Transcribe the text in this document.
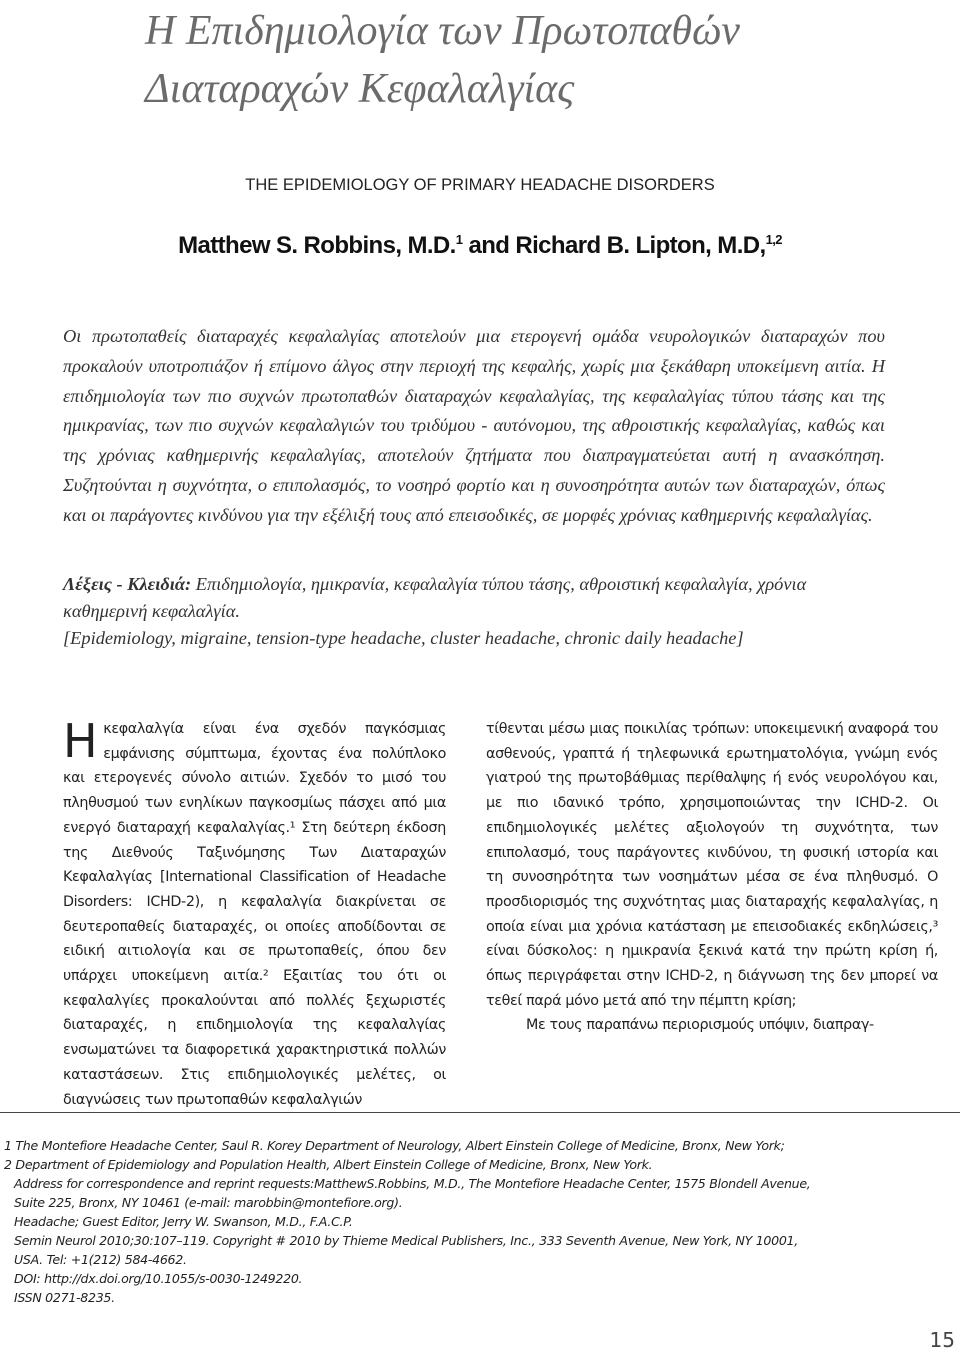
Η Επιδημιολογία των Πρωτοπαθών
Διαταραχών Κεφαλαλγίας
THE EPIDEMIOLOGY OF PRIMARY HEADACHE DISORDERS
Matthew S. Robbins, M.D.$^1$ and Richard B. Lipton, M.D,$^{1,2}$

Οι πρωτοπαθείς διαταραχές κεφαλαλγίας αποτελούν μια ετερογενή ομάδα νευρολογικών διαταραχών που προκαλούν υποτροπιάζον ή επίμονο άλγος στην περιοχή της κεφαλής, χωρίς μια ξεκάθαρη υποκείμενη αιτία. Η επιδημιολογία των πιο συχνών πρωτοπαθών διαταραχών κεφαλαλγίας, της κεφαλαλγίας τύπου τάσης και της ημικρανίας, των πιο συχνών κεφαλαλγιών του τριδύμου - αυτόνομου, της αθροιστικής κεφαλαλγίας, καθώς και της χρόνιας καθημερινής κεφαλαλγίας, αποτελούν ζητήματα που διαπραγματεύεται αυτή η ανασκόπηση. Συζητούνται η συχνότητα, ο επιπολασμός, το νοσηρό φορτίο και η συνοσηρότητα αυτών των διαταραχών, όπως και οι παράγοντες κινδύνου για την εξέλιξή τους από επεισοδικές, σε μορφές χρόνιας καθημερινής κεφαλαλγίας.

Λέξεις - Κλειδιά: Επιδημιολογία, ημικρανία, κεφαλαλγία τύπου τάσης, αθροιστική κεφαλαλγία, χρόνια καθημερινή κεφαλαλγία.
[Epidemiology, migraine, tension-type headache, cluster headache, chronic daily headache]

Ηκεφαλαλγία είναι ένα σχεδόν παγκόσμιας εμφάνισης σύμπτωμα, έχοντας ένα πολύπλοκο και ετερογενές σύνολο αιτιών. Σχεδόν το μισό του πληθυσμού των ενηλίκων παγκοσμίως πάσχει από μια ενεργό διαταραχή κεφαλαλγίας.¹ Στη δεύτερη έκδοση της Διεθνούς Ταξινόμησης Των Διαταραχών Κεφαλαλγίας [International Classification of Headache Disorders: ICHD-2), η κεφαλαλγία διακρίνεται σε δευτεροπαθείς διαταραχές, οι οποίες αποδίδονται σε ειδική αιτιολογία και σε πρωτοπαθείς, όπου δεν υπάρχει υποκείμενη αιτία.² Εξαιτίας του ότι οι κεφαλαλγίες προκαλούνται από πολλές ξεχωριστές διαταραχές, η επιδημιολογία της κεφαλαλγίας ενσωματώνει τα διαφορετικά χαρακτηριστικά πολλών καταστάσεων. Στις επιδημιολογικές μελέτες, οι διαγνώσεις των πρωτοπαθών κεφαλαλγιών

τίθενται μέσω μιας ποικιλίας τρόπων: υποκειμενική αναφορά του ασθενούς, γραπτά ή τηλεφωνικά ερωτηματολόγια, γνώμη ενός γιατρού της πρωτοβάθμιας περίθαλψης ή ενός νευρολόγου και, με πιο ιδανικό τρόπο, χρησιμοποιώντας την ICHD-2. Οι επιδημιολογικές μελέτες αξιολογούν τη συχνότητα, των επιπολασμό, τους παράγοντες κινδύνου, τη φυσική ιστορία και τη συνοσηρότητα των νοσημάτων μέσα σε ένα πληθυσμό. Ο προσδιορισμός της συχνότητας μιας διαταραχής κεφαλαλγίας, η οποία είναι μια χρόνια κατάσταση με επεισοδιακές εκδηλώσεις,³ είναι δύσκολος: η ημικρανία ξεκινά κατά την πρώτη κρίση ή, όπως περιγράφεται στην ICHD-2, η διάγνωση της δεν μπορεί να τεθεί παρά μόνο μετά από την πέμπτη κρίση;

Με τους παραπάνω περιορισμούς υπόψιν, διαπραγ-

1 The Montefiore Headache Center, Saul R. Korey Department of Neurology, Albert Einstein College of Medicine, Bronx, New York;
2 Department of Epidemiology and Population Health, Albert Einstein College of Medicine, Bronx, New York.
Address for correspondence and reprint requests:MatthewS.Robbins, M.D., The Montefiore Headache Center, 1575 Blondell Avenue,
Suite 225, Bronx, NY 10461 (e-mail: marobbin@montefiore.org).
Headache; Guest Editor, Jerry W. Swanson, M.D., F.A.C.P.
Semin Neurol 2010;30:107–119. Copyright # 2010 by Thieme Medical Publishers, Inc., 333 Seventh Avenue, New York, NY 10001,
USA. Tel: +1(212) 584-4662.
DOI: http://dx.doi.org/10.1055/s-0030-1249220.
ISSN 0271-8235.
15
